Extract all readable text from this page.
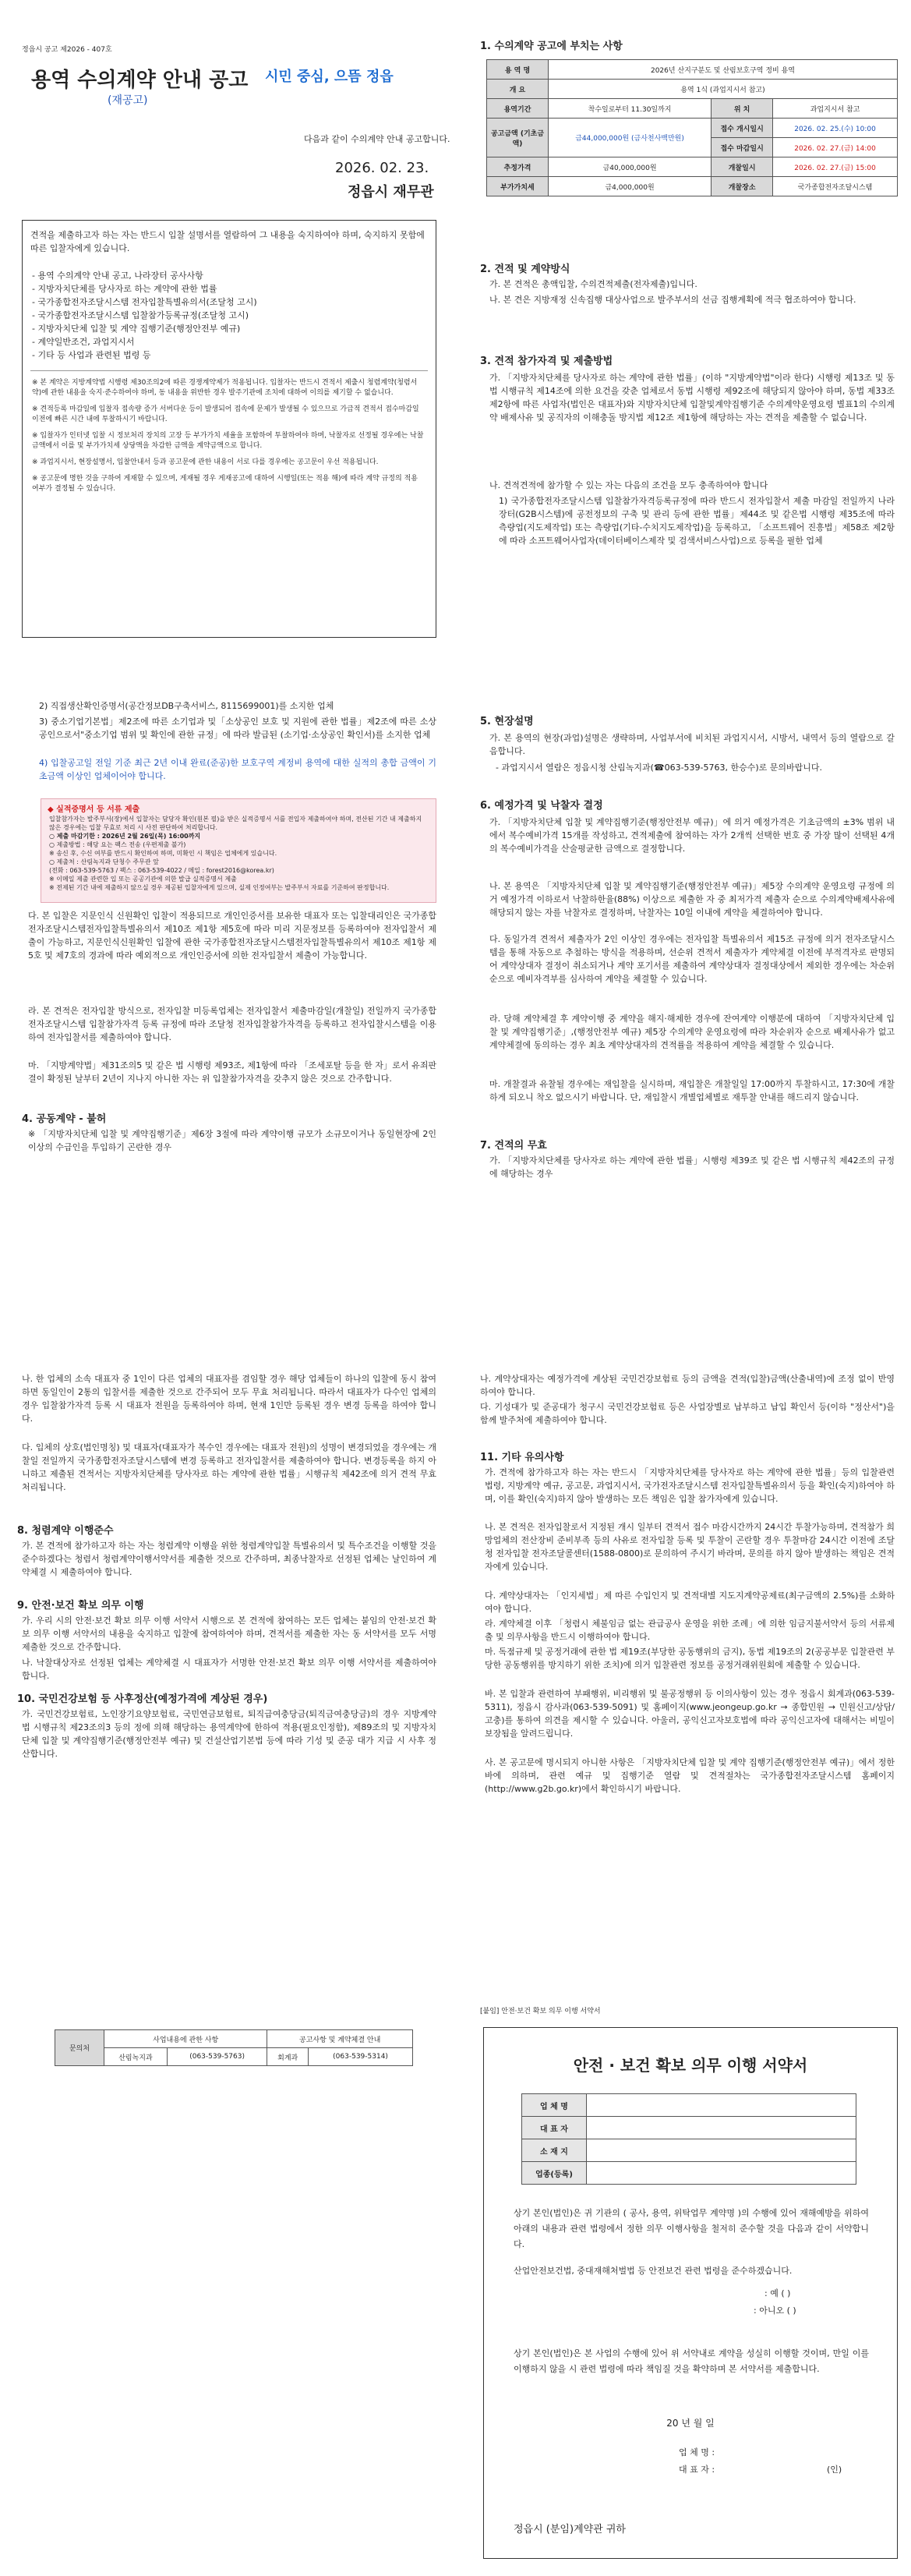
정읍시 공고 제2026 - 407호
용역 수의계약 안내 공고
(재공고)
시민 중심, 으뜸 정읍
다음과 같이 수의계약 안내 공고합니다.
2026. 02. 23.
정읍시 재무관
견적을 제출하고자 하는 자는 반드시 입찰 설명서를 열람하여 그 내용을 숙지하여야 하며, 숙지하지 못함에 따른 입찰자에게 있습니다.
- 용역 수의계약 안내 공고, 나라장터 공사사항
- 지방자치단체를 당사자로 하는 계약에 관한 법률
- 국가종합전자조달시스템 전자입찰특별유의서(조달청 고시)
- 국가종합전자조달시스템 입찰참가등록규정(조달청 고시)
- 지방자치단체 입찰 및 계약 집행기준(행정안전부 예규)
- 계약일반조건, 과업지시서
- 기타 등 사업과 관련된 법령 등
※ 본 계약은 지방계약법 시행령 제30조의2에 따른 경쟁계약제가 적용됩니다. 입찰자는 반드시 견적서 제출시 청렴계약(청렴서약)에 관한 내용을 숙지·준수하여야 하며, 동 내용을 위반한 경우 발주기관에 조치에 대하여 이의를 제기할 수 없습니다.
※ 견적등록 마감일에 입찰자 접속량 증가 서버다운 등이 발생되어 접속에 문제가 발생될 수 있으므로 가급적 견적서 접수마감일 이전에 빠른 시간 내에 투찰하시기 바랍니다.
※ 입찰자가 인터넷 입찰 시 정보처리 장치의 고장 등 부가가치 세율을 포함하여 투찰하여야 하며, 낙찰자로 선정될 경우에는 낙찰금액에서 이를 및 부가가치세 상당액을 차감한 금액을 계약금액으로 합니다.
※ 과업지시서, 현장설명서, 입찰안내서 등과 공고문에 관한 내용이 서로 다를 경우에는 공고문이 우선 적용됩니다.
※ 공고문에 명한 것을 구하여 게재할 수 있으며, 게재될 경우 게재공고에 대하여 시행일(또는 적용 해)에 따라 계약 규정의 적용 여부가 결정될 수 있습니다.
1. 수의계약 공고에 부치는 사항
용 역 명	2026년 산지구분도 및 산림보호구역 정비 용역		
개 요	용역 1식 (과업지시서 참고)		
용역기간	착수일로부터 11.30일까지	위 치	과업지시서 참고
공고금액 (기초금액)	금44,000,000원 (금사천사백만원)	접수 개시일시	2026. 02. 25.(수) 10:00
		접수 마감일시	2026. 02. 27.(금) 14:00
추정가격	금40,000,000원	개찰일시	2026. 02. 27.(금) 15:00
부가가치세	금4,000,000원	개찰장소	국가종합전자조달시스템
2. 견적 및 계약방식
가. 본 견적은 총액입찰, 수의견적제출(전자제출)입니다.
나. 본 견은 지방재정 신속집행 대상사업으로 발주부서의 선금 집행계획에 적극 협조하여야 합니다.
3. 견적 참가자격 및 제출방법
가. 「지방자치단체를 당사자로 하는 계약에 관한 법률」(이하 "지방계약법"이라 한다) 시행령 제13조 및 동법 시행규칙 제14조에 의한 요건을 갖춘 업체로서 동법 시행령 제92조에 해당되지 않아야 하며, 동법 제33조 제2항에 따른 사업자(법인은 대표자)와 지방자치단체 입찰및계약집행기준 수의계약운영요령 별표1의 수의계약 배제사유 및 공직자의 이해충돌 방지법 제12조 제1항에 해당하는 자는 견적을 제출할 수 없습니다.
나. 견적견적에 참가할 수 있는 자는 다음의 조건을 모두 충족하여야 합니다
1) 국가종합전자조달시스템 입찰참가자격등록규정에 따라 반드시 전자입찰서 제출 마감일 전일까지 나라장터(G2B시스템)에 공전정보의 구축 및 관리 등에 관한 법률」제44조 및 같은법 시행령 제35조에 따라 측량업(지도제작업) 또는 측량업(기타-수치지도제작업)을 등록하고, 「소프트웨어 진흥법」제58조 제2항에 따라 소프트웨어사업자(데이터베이스제작 및 검색서비스사업)으로 등록을 필한 업체
2) 직접생산확인증명서(공간정보DB구축서비스, 8115699001)를 소지한 업체
3) 중소기업기본법」제2조에 따른 소기업과 및「소상공인 보호 및 지원에 관한 법률」제2조에 따른 소상공인으로서"중소기업 범위 및 확인에 관한 규정」에 따라 발급된 (소기업·소상공인 확인서)를 소지한 업체
4) 입찰공고일 전일 기준 최근 2년 이내 완료(준공)한 보호구역 계정비 용역에 대한 실적의 총합 금액이 기초금액 이상인 업체이어야 합니다.
◆ 실적증명서 등 서류 제출
입찰참가자는 발주부서(장)에서 입찰자는 담당자 확인(원본 필)을 받은 실적증명서 서를 전입자 제출하여야 하며, 전산된 기간 내 제출하지 않은 경우에는 입찰 무효로 처리 시 사전 판단하여 처리합니다.
○ 제출 마감기한 : 2026년 2월 26일(목) 16:00까지
○ 제출방법 : 해당 요는 팩스 전송 (우편제출 불가)
※ 송신 후, 수신 여부를 반드시 확인하여 하며, 미확인 시 책임은 업체에게 있습니다.
○ 제출처 : 산림녹지과 단청수 주무관 앞
(전화 : 063-539-5763 / 팩스 : 063-539-4022 / 메일 : forest2016@korea.kr)
※ 이메일 제출 관련한 입 또는 공공기관에 의한 발급 실적증명서 제출
※ 전제된 기간 내에 제출하지 않으실 경우 제공된 입찰자에게 있으며, 실제 인정여부는 발주부서 자료를 기준하여 판정합니다.
다. 본 입찰은 지문인식 신원확인 입찰이 적용되므로 개인인증서를 보유한 대표자 또는 입찰대리인은 국가종합전자조달시스템전자입찰특별유의서 제10조 제1항 제5호에 따라 미리 지문정보를 등록하여야 전자입찰서 제출이 가능하고, 지문인식신원확인 입찰에 관한 국가종합전자조달시스템전자입찰특별유의서 제10조 제1항 제5호 및 제7호의 경과에 따라 예외적으로 개인인증서에 의한 전자입찰서 제출이 가능합니다.
라. 본 견적은 전자입찰 방식으로, 전자입찰 미등록업체는 전자입찰서 제출마감일(개찰일) 전일까지 국가종합전자조달시스템 입찰참가자격 등록 규정에 따라 조달청 전자입찰참가자격을 등록하고 전자입찰시스템을 이용하여 전자입찰서를 제출하여야 합니다.
마. 「지방계약법」제31조의5 및 같은 법 시행령 제93조, 제1항에 따라 「조세포탈 등을 한 자」로서 유죄판결이 확정된 날부터 2년이 지나지 아니한 자는 위 입찰참가자격을 갖추지 않은 것으로 간주합니다.
4. 공동계약 - 불허
※ 「지방자치단체 입찰 및 계약집행기준」제6장 3절에 따라 계약이행 규모가 소규모이거나 동일현장에 2인 이상의 수급인을 투입하기 곤란한 경우
5. 현장설명
가. 본 용역의 현장(과업)설명은 생략하며, 사업부서에 비치된 과업지시서, 시방서, 내역서 등의 열람으로 갈음합니다.
- 과업지시서 열람은 정읍시청 산림녹지과(☎063-539-5763, 한승수)로 문의바랍니다.
6. 예정가격 및 낙찰자 결정
가. 「지방자치단체 입찰 및 계약집행기준(행정안전부 예규)」에 의거 예정가격은 기초금액의 ±3% 범위 내에서 복수예비가격 15개를 작성하고, 견적제출에 참여하는 자가 2개씩 선택한 번호 중 가장 많이 선택된 4개의 복수예비가격을 산술평균한 금액으로 결정합니다.
나. 본 용역은 「지방자치단체 입찰 및 계약집행기준(행정안전부 예규)」제5장 수의계약 운영요령 규정에 의거 예정가격 이하로서 낙찰하한율(88%) 이상으로 제출한 자 중 최저가격 제출자 순으로 수의계약배제사유에 해당되지 않는 자를 낙찰자로 결정하며, 낙찰자는 10일 이내에 계약을 체결하여야 합니다.
다. 동일가격 견적서 제출자가 2인 이상인 경우에는 전자입찰 특별유의서 제15조 규정에 의거 전자조달시스템을 통해 자동으로 추첨하는 방식을 적용하며, 선순위 견적서 제출자가 계약체결 이전에 부적격자로 판명되어 계약상대자 결정이 취소되거나 계약 포기서를 제출하여 계약상대자 결정대상에서 제외한 경우에는 차순위 순으로 예비자격부를 심사하여 계약을 체결할 수 있습니다.
라. 당해 계약체결 후 계약이행 중 계약을 해지·해제한 경우에 잔여계약 이행분에 대하여 「지방자치단체 입찰 및 계약집행기준」,(행정안전부 예규) 제5장 수의계약 운영요령에 따라 차순위자 순으로 배제사유가 없고 계약체결에 동의하는 경우 최초 계약상대자의 견적률을 적용하여 계약을 체결할 수 있습니다.
마. 개찰결과 유찰될 경우에는 재입찰을 실시하며, 재입찰은 개찰일일 17:00까지 투찰하시고, 17:30에 개찰하게 되오니 착오 없으시기 바랍니다. 단, 재입찰시 개별업체별로 재투찰 안내를 해드리지 않습니다.
7. 견적의 무효
가. 「지방자치단체를 당사자로 하는 계약에 관한 법률」시행령 제39조 및 같은 법 시행규칙 제42조의 규정에 해당하는 경우
나. 한 업체의 소속 대표자 중 1인이 다른 업체의 대표자를 겸임할 경우 해당 업체들이 하나의 입찰에 동시 참여하면 동일인이 2통의 입찰서를 제출한 것으로 간주되어 모두 무효 처리됩니다. 따라서 대표자가 다수인 업체의 경우 입찰참가자격 등록 시 대표자 전원을 등록하여야 하며, 현재 1인만 등록된 경우 변경 등록을 하여야 합니다.
다. 입체의 상호(법인명칭) 및 대표자(대표자가 복수인 경우에는 대표자 전원)의 성명이 변경되었을 경우에는 개찰일 전일까지 국가종합전자조달시스템에 변경 등록하고 전자입찰서를 제출하여야 합니다. 변경등록을 하지 아니하고 제출된 견적서는 지방자치단체를 당사자로 하는 계약에 관한 법률」시행규칙 제42조에 의거 견적 무효 처리됩니다.
8. 청렴계약 이행준수
가. 본 견적에 참가하고자 하는 자는 청렴계약 이행을 위한 청렴계약입찰 특별유의서 및 특수조건을 이행할 것을 준수하겠다는 청렴서 청렴계약이행서약서를 제출한 것으로 간주하며, 최종낙찰자로 선정된 업체는 날인하여 계약체결 시 제출하여야 합니다.
9. 안전·보건 확보 의무 이행
가. 우리 시의 안전·보건 확보 의무 이행 서약서 시행으로 본 견적에 참여하는 모든 업체는 붙임의 안전·보건 확보 의무 이행 서약서의 내용을 숙지하고 입찰에 참여하여야 하며, 견적서를 제출한 자는 동 서약서를 모두 서명 제출한 것으로 간주합니다.
나. 낙찰대상자로 선정된 업체는 계약체결 시 대표자가 서명한 안전·보건 확보 의무 이행 서약서를 제출하여야 합니다.
10. 국민건강보험 등 사후정산(예정가격에 계상된 경우)
가. 국민건강보험료, 노인장기요양보험료, 국민연금보험료, 퇴직급여충당금(퇴직금여충당금)의 경우 지방계약법 시행규칙 제23조의3 등의 정에 의해 해당하는 용역계약에 한하여 적용(필요인정함), 제89조의 및 지방자치단체 입찰 및 계약집행기준(행정안전부 예규) 및 건설산업기본법 등에 따라 기성 및 준공 대가 지급 시 사후 정산합니다.
나. 계약상대자는 예정가격에 계상된 국민건강보험료 등의 금액을 견적(입찰)금액(산출내역)에 조정 없이 반영하여야 합니다.
다. 기성대가 및 준공대가 청구시 국민건강보험료 등은 사업장별로 납부하고 납입 확인서 등(이하 "정산서")을 함께 발주처에 제출하여야 합니다.
11. 기타 유의사항
가. 견적에 참가하고자 하는 자는 반드시 「지방자치단체를 당사자로 하는 계약에 관한 법률」등의 입찰관련 법령, 지방계약 예규, 공고문, 과업지시서, 국가전자조달시스템 전자입찰특별유의서 등을 확인(숙지)하여야 하며, 이를 확인(숙지)하지 않아 발생하는 모든 책임은 입찰 참가자에게 있습니다.
나. 본 견적은 전자입찰로서 지정된 개시 일부터 견적서 접수 마감시간까지 24시간 투찰가능하며, 견적참가 희망업체의 전산장비 준비부족 등의 사유로 전자입찰 등록 및 투찰이 곤란할 경우 투찰마감 24시간 이전에 조달청 전자입찰 전자조달콜센터(1588-0800)로 문의하여 주시기 바라며, 문의를 하지 않아 발생하는 책임은 견적자에게 있습니다.
다. 계약상대자는 「인지세법」제 따른 수입인지 및 견적대별 지도지계약공제료(최구금액의 2.5%)를 소화하여야 합니다.
라. 계약체결 이후 「청렴시 체불임금 없는 관급공사 운영을 위한 조례」에 의한 임금지불서약서 등의 서류제출 및 의무사항을 반드시 이행하여야 합니다.
마. 독점규제 및 공정거래에 관한 법 제19조(부당한 공동행위의 금지), 동법 제19조의 2(공공부문 입찰관련 부당한 공동행위를 방지하기 위한 조치)에 의거 입찰관련 정보를 공정거래위원회에 제출할 수 있습니다.
바. 본 입찰과 관련하여 부패행위, 비리행위 및 불공정행위 등 이의사항이 있는 경우 정읍시 회계과(063-539-5311), 정읍시 감사과(063-539-5091) 및 홈페이지(www.jeongeup.go.kr → 종합민원 → 민원신고/상담/고충)를 통하여 의견을 제시할 수 있습니다. 아울러, 공익신고자보호법에 따라 공익신고자에 대해서는 비밀이 보장됨을 알려드립니다.
사. 본 공고문에 명시되지 아니한 사항은 「지방자치단체 입찰 및 계약 집행기준(행정안전부 예규)」에서 정한 바에 의하며, 관련 예규 및 집행기준 열람 및 견적절차는 국가종합전자조달시스템 홈페이지(http://www.g2b.go.kr)에서 확인하시기 바랍니다.
문의처	사업내용에 관한 사항		공고사항 및 계약체결 안내	
	산림녹지과	(063-539-5763)	회계과	(063-539-5314)
[붙임] 안전·보건 확보 의무 이행 서약서
안전 · 보건 확보 의무 이행 서약서
업 체 명	
대 표 자	
소 재 지	
업종(등록)	
상기 본인(법인)은 귀 기관의 ( 공사, 용역, 위탁업무 계약명 )의 수행에 있어 재해예방을 위하여 아래의 내용과 관련 법령에서 정한 의무 이행사항을 철저히 준수할 것을 다음과 같이 서약합니다.
산업안전보건법, 중대재해처벌법 등 안전보건 관련 법령을 준수하겠습니다.
: 예 ( )
: 아니오 ( )
상기 본인(법인)은 본 사업의 수행에 있어 위 서약내로 계약을 성실히 이행할 것이며, 만일 이를 이행하지 않을 시 관련 법령에 따라 책임질 것을 확약하며 본 서약서를 제출합니다.
20 년 월 일
업 체 명 :
대 표 자 :	(인)
정읍시 (분임)계약관 귀하
